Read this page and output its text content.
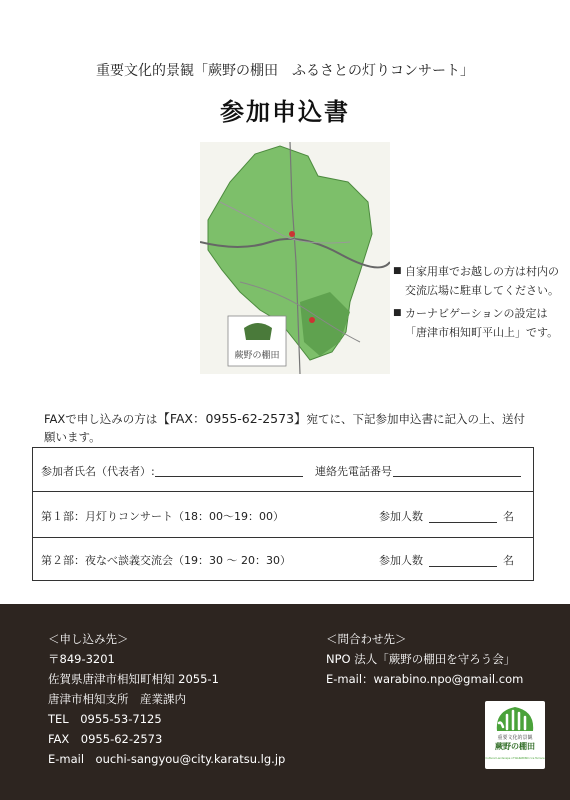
重要文化的景観「蕨野の棚田　ふるさとの灯りコンサート」
参加申込書
蕨野の棚田
■ 自家用車でお越しの方は村内の交流広場に駐車してください。
■ カーナビゲーションの設定は「唐津市相知町平山上」です。
FAXで申し込みの方は【FAX：0955-62-2573】宛てに、下記参加申込書に記入の上、送付願います。
参加者氏名（代表者）:	連絡先電話番号
第１部：月灯りコンサート（18：00〜19：00）	参加人数	名
第２部：夜なべ談義交流会（19：30 〜 20：30）	参加人数	名
＜申し込み先＞
〒849-3201
佐賀県唐津市相知町相知 2055-1
唐津市相知支所　産業課内
TEL　0955-53-7125
FAX　0955-62-2573
E-mail　ouchi-sangyou@city.karatsu.lg.jp
＜問合わせ先＞
NPO 法人「蕨野の棚田を守ろう会」
E-mail：warabino.npo@gmail.com
重要文化的景観
蕨野の棚田
Cultural Landscape of WARABINO rice Terrace
